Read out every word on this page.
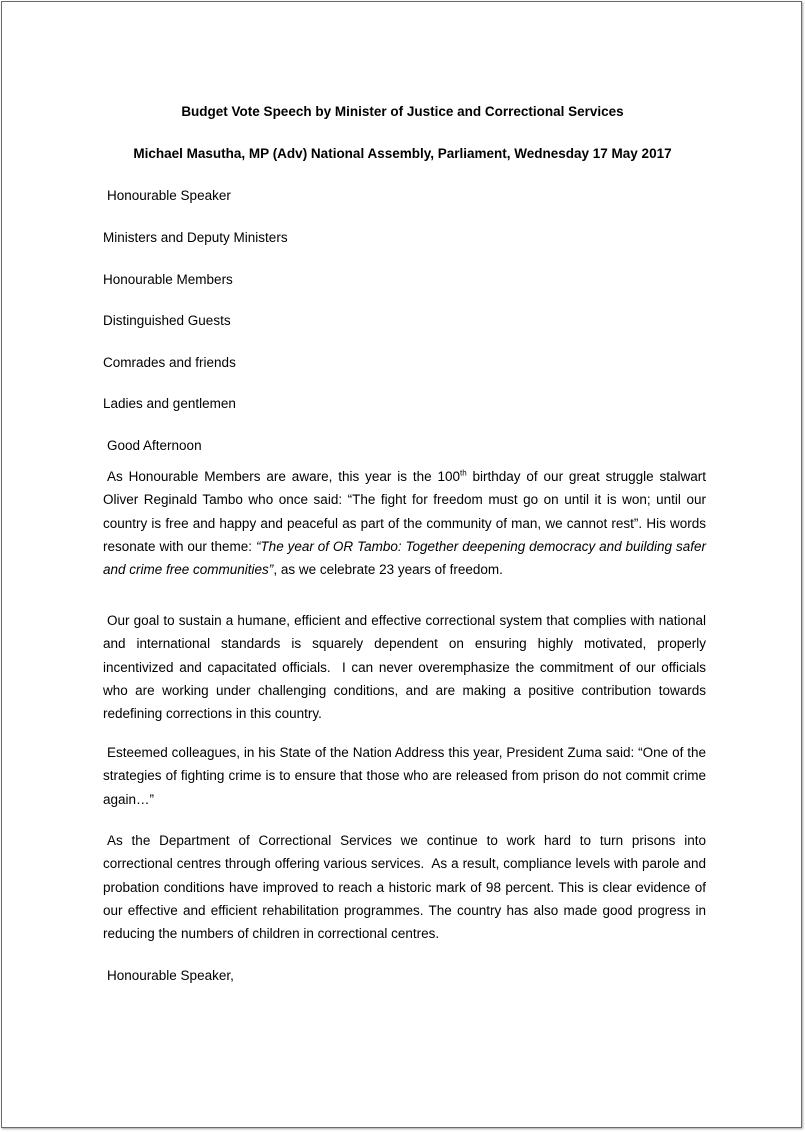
Budget Vote Speech by Minister of Justice and Correctional Services

Michael Masutha, MP (Adv) National Assembly, Parliament, Wednesday 17 May 2017

Honourable Speaker

Ministers and Deputy Ministers

Honourable Members

Distinguished Guests

Comrades and friends

Ladies and gentlemen

Good Afternoon

As Honourable Members are aware, this year is the 100th birthday of our great struggle stalwart Oliver Reginald Tambo who once said: “The fight for freedom must go on until it is won; until our country is free and happy and peaceful as part of the community of man, we cannot rest”. His words resonate with our theme: “The year of OR Tambo: Together deepening democracy and building safer and crime free communities”, as we celebrate 23 years of freedom.

Our goal to sustain a humane, efficient and effective correctional system that complies with national and international standards is squarely dependent on ensuring highly motivated, properly incentivized and capacitated officials.  I can never overemphasize the commitment of our officials who are working under challenging conditions, and are making a positive contribution towards redefining corrections in this country.

Esteemed colleagues, in his State of the Nation Address this year, President Zuma said: “One of the strategies of fighting crime is to ensure that those who are released from prison do not commit crime again…”

As the Department of Correctional Services we continue to work hard to turn prisons into correctional centres through offering various services.  As a result, compliance levels with parole and probation conditions have improved to reach a historic mark of 98 percent. This is clear evidence of our effective and efficient rehabilitation programmes. The country has also made good progress in reducing the numbers of children in correctional centres.

Honourable Speaker,
